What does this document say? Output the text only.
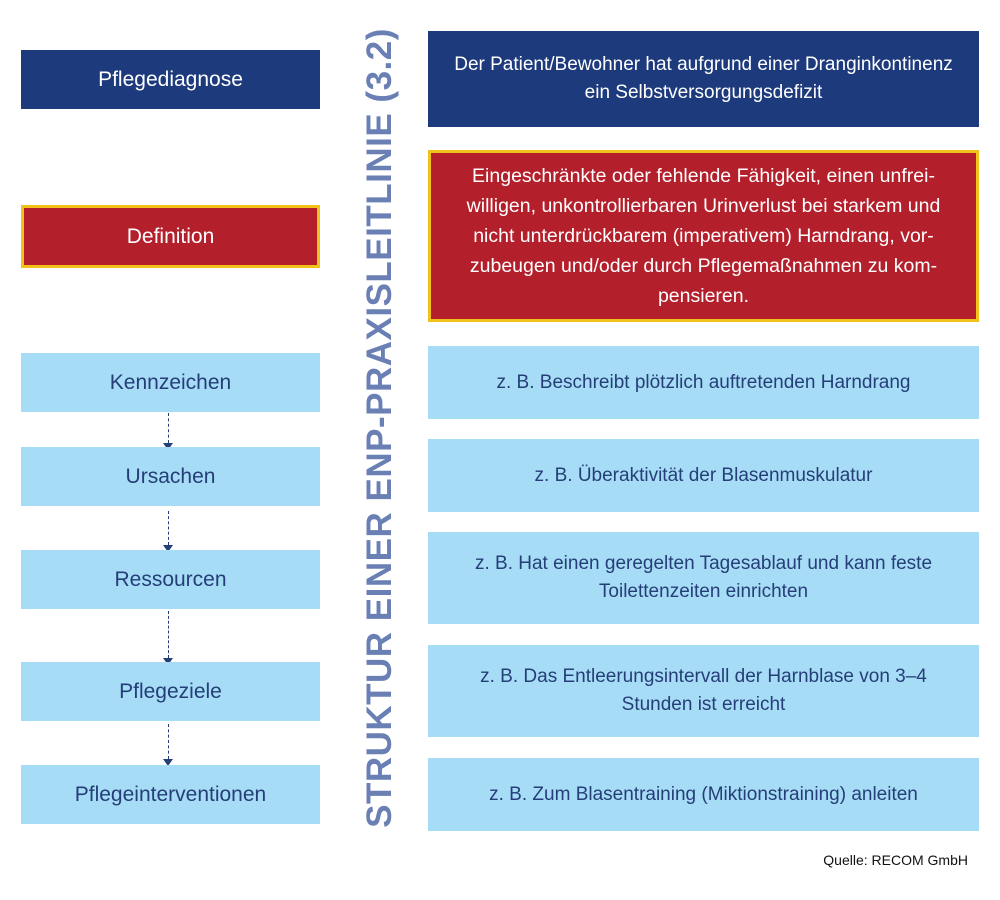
Pflegediagnose
Definition
Kennzeichen
Ursachen
Ressourcen
Pflegeziele
Pflegeinterventionen	STRUKTUR EINER ENP-PRAXISLEITLINIE (3.2)	Der Patient/Bewohner hat aufgrund einer Dranginkontinenz ein Selbstversorgungsdefizit
Eingeschränkte oder fehlende Fähigkeit, einen unfreiwilligen, unkontrollierbaren Urinverlust bei starkem und nicht unterdrückbarem (imperativem) Harndrang, vorzubeugen und/oder durch Pflegemaßnahmen zu kompensieren.
z. B. Beschreibt plötzlich auftretenden Harndrang
z. B. Überaktivität der Blasenmuskulatur
z. B. Hat einen geregelten Tagesablauf und kann feste Toilettenzeiten einrichten
z. B. Das Entleerungsintervall der Harnblase von 3–4 Stunden ist erreicht
z. B. Zum Blasentraining (Miktionstraining) anleiten
Quelle: RECOM GmbH
